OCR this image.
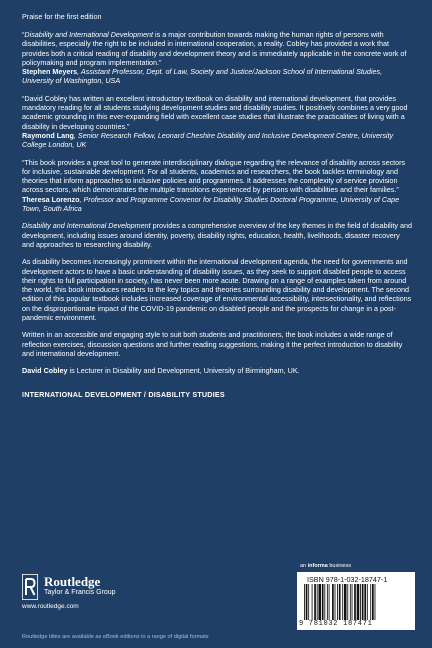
Praise for the first edition

“Disability and International Development is a major contribution towards making the human rights of persons with disabilities, especially the right to be included in international cooperation, a reality. Cobley has provided a work that provides both a critical reading of disability and development theory and is immediately applicable in the concrete work of policymaking and program implementation.”

Stephen Meyers, Assistant Professor, Dept. of Law, Society and Justice/Jackson School of International Studies, University of Washington, USA

“David Cobley has written an excellent introductory textbook on disability and international development, that provides mandatory reading for all students studying development studies and disability studies. It positively combines a very good academic grounding in this ever-expanding field with excellent case studies that illustrate the practicalities of living with a disability in developing countries.”

Raymond Lang, Senior Research Fellow, Leonard Cheshire Disability and Inclusive Development Centre, University College London, UK

“This book provides a great tool to generate interdisciplinary dialogue regarding the relevance of disability across sectors for inclusive, sustainable development. For all students, academics and researchers, the book tackles terminology and theories that inform approaches to inclusive policies and programmes. It addresses the complexity of service provision across sectors, which demonstrates the multiple transitions experienced by persons with disabilities and their families.”

Theresa Lorenzo, Professor and Programme Convenor for Disability Studies Doctoral Programme, University of Cape Town, South Africa

Disability and International Development provides a comprehensive overview of the key themes in the field of disability and development, including issues around identity, poverty, disability rights, education, health, livelihoods, disaster recovery and approaches to researching disability.

As disability becomes increasingly prominent within the international development agenda, the need for governments and development actors to have a basic understanding of disability issues, as they seek to support disabled people to access their rights to full participation in society, has never been more acute. Drawing on a range of examples taken from around the world, this book introduces readers to the key topics and theories surrounding disability and development. The second edition of this popular textbook includes increased coverage of environmental accessibility, intersectionality, and reflections on the disproportionate impact of the COVID-19 pandemic on disabled people and the prospects for change in a post-pandemic environment.

Written in an accessible and engaging style to suit both students and practitioners, the book includes a wide range of reflection exercises, discussion questions and further reading suggestions, making it the perfect introduction to disability and international development.

David Cobley is Lecturer in Disability and Development, University of Birmingham, UK.

INTERNATIONAL DEVELOPMENT / DISABILITY STUDIES
Routledge
Taylor & Francis Group
www.routledge.com
an informa business
ISBN 978-1-032-18747-1
9 781032 187471
Routledge titles are available as eBook editions in a range of digital formats
